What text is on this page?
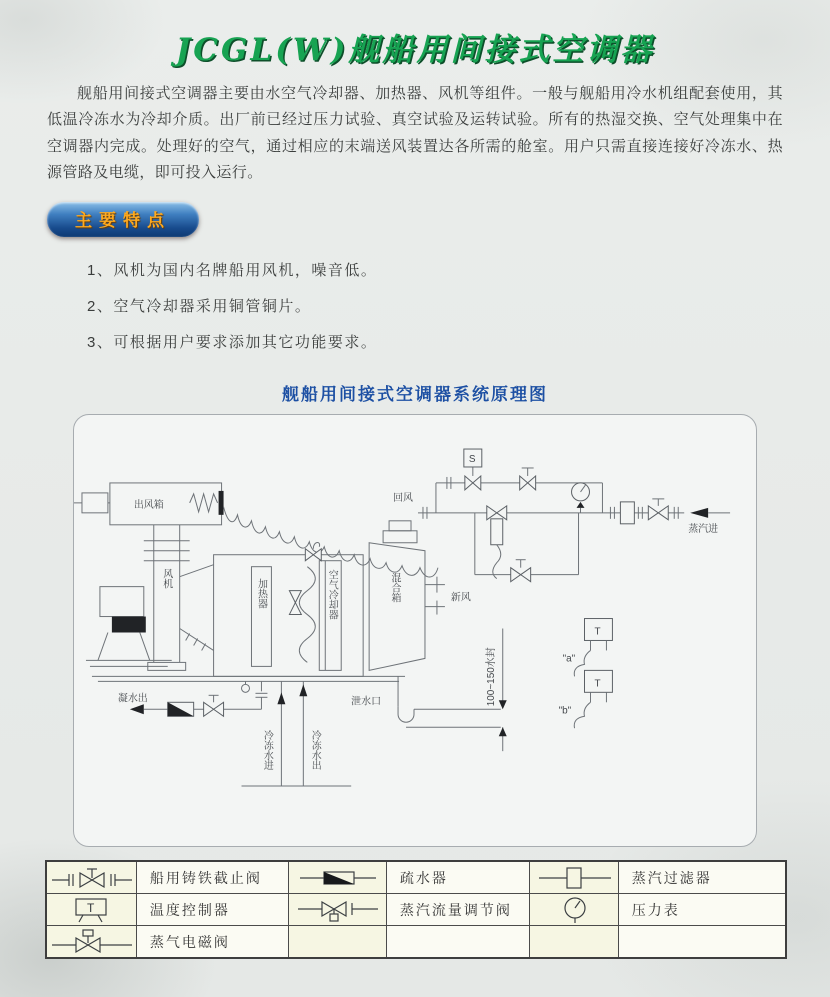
JCGL(W)舰船用间接式空调器

舰船用间接式空调器主要由水空气冷却器、加热器、风机等组件。一般与舰船用冷水机组配套使用，其低温冷冻水为冷却介质。出厂前已经过压力试验、真空试验及运转试验。所有的热湿交换、空气处理集中在空调器内完成。处理好的空气，通过相应的末端送风装置达各所需的舱室。用户只需直接连接好冷冻水、热源管路及电缆，即可投入运行。

主要特点
1、风机为国内名牌船用风机，噪音低。
2、空气冷却器采用铜管铜片。
3、可根据用户要求添加其它功能要求。
舰船用间接式空调器系统原理图
出风箱
风机	加热器	空气冷却器	混合箱	新风
回风
S
蒸汽进
凝水出
冷冻水进	冷冻水出
泄水口	100~150水封
T
"a"
T
"b"
	船用铸铁截止阀		疏水器		蒸汽过滤器

T	温度控制器		蒸汽流量调节阀		压力表
	蒸气电磁阀				
